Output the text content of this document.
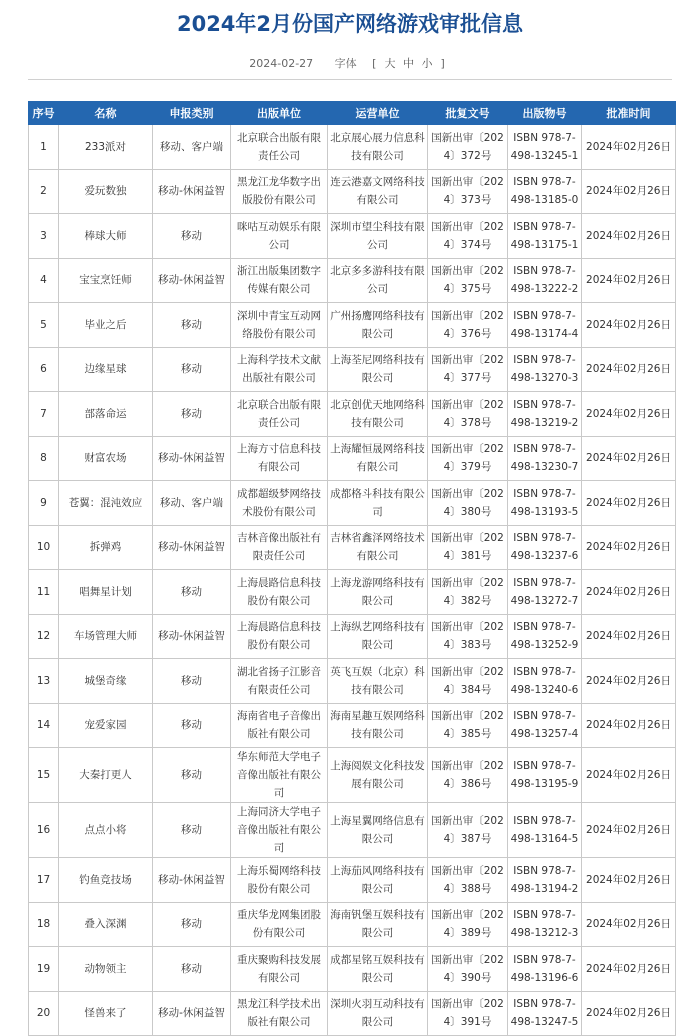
2024年2月份国产网络游戏审批信息
2024-02-27 字体 [ 大 中 小 ]
序号	名称	申报类别	出版单位	运营单位	批复文号	出版物号	批准时间
1	233派对	移动、客户端	北京联合出版有限责任公司	北京展心展力信息科技有限公司	国新出审〔2024〕372号	ISBN 978-7-498-13245-1	2024年02月26日
2	爱玩数独	移动-休闲益智	黑龙江龙华数字出版股份有限公司	连云港嘉文网络科技有限公司	国新出审〔2024〕373号	ISBN 978-7-498-13185-0	2024年02月26日
3	棒球大师	移动	咪咕互动娱乐有限公司	深圳市望尘科技有限公司	国新出审〔2024〕374号	ISBN 978-7-498-13175-1	2024年02月26日
4	宝宝烹饪师	移动-休闲益智	浙江出版集团数字传媒有限公司	北京多多游科技有限公司	国新出审〔2024〕375号	ISBN 978-7-498-13222-2	2024年02月26日
5	毕业之后	移动	深圳中青宝互动网络股份有限公司	广州扬鹰网络科技有限公司	国新出审〔2024〕376号	ISBN 978-7-498-13174-4	2024年02月26日
6	边缘星球	移动	上海科学技术文献出版社有限公司	上海荃尼网络科技有限公司	国新出审〔2024〕377号	ISBN 978-7-498-13270-3	2024年02月26日
7	部落命运	移动	北京联合出版有限责任公司	北京创优天地网络科技有限公司	国新出审〔2024〕378号	ISBN 978-7-498-13219-2	2024年02月26日
8	财富农场	移动-休闲益智	上海方寸信息科技有限公司	上海耀恒晟网络科技有限公司	国新出审〔2024〕379号	ISBN 978-7-498-13230-7	2024年02月26日
9	苍翼：混沌效应	移动、客户端	成都超级梦网络技术股份有限公司	成都格斗科技有限公司	国新出审〔2024〕380号	ISBN 978-7-498-13193-5	2024年02月26日
10	拆弹鸡	移动-休闲益智	吉林音像出版社有限责任公司	吉林省鑫泽网络技术有限公司	国新出审〔2024〕381号	ISBN 978-7-498-13237-6	2024年02月26日
11	唱舞星计划	移动	上海晨路信息科技股份有限公司	上海龙游网络科技有限公司	国新出审〔2024〕382号	ISBN 978-7-498-13272-7	2024年02月26日
12	车场管理大师	移动-休闲益智	上海晨路信息科技股份有限公司	上海纵艺网络科技有限公司	国新出审〔2024〕383号	ISBN 978-7-498-13252-9	2024年02月26日
13	城堡奇缘	移动	湖北省扬子江影音有限责任公司	英飞互娱（北京）科技有限公司	国新出审〔2024〕384号	ISBN 978-7-498-13240-6	2024年02月26日
14	宠爱家园	移动	海南省电子音像出版社有限公司	海南星趣互娱网络科技有限公司	国新出审〔2024〕385号	ISBN 978-7-498-13257-4	2024年02月26日
15	大秦打更人	移动	华东师范大学电子音像出版社有限公司	上海阅娱文化科技发展有限公司	国新出审〔2024〕386号	ISBN 978-7-498-13195-9	2024年02月26日
16	点点小将	移动	上海同济大学电子音像出版社有限公司	上海星翼网络信息有限公司	国新出审〔2024〕387号	ISBN 978-7-498-13164-5	2024年02月26日
17	钓鱼竞技场	移动-休闲益智	上海乐蜀网络科技股份有限公司	上海茄风网络科技有限公司	国新出审〔2024〕388号	ISBN 978-7-498-13194-2	2024年02月26日
18	叠入深渊	移动	重庆华龙网集团股份有限公司	海南钒堡互娱科技有限公司	国新出审〔2024〕389号	ISBN 978-7-498-13212-3	2024年02月26日
19	动物领主	移动	重庆聚购科技发展有限公司	成都星铭互娱科技有限公司	国新出审〔2024〕390号	ISBN 978-7-498-13196-6	2024年02月26日
20	怪兽来了	移动-休闲益智	黑龙江科学技术出版社有限公司	深圳火羽互动科技有限公司	国新出审〔2024〕391号	ISBN 978-7-498-13247-5	2024年02月26日
